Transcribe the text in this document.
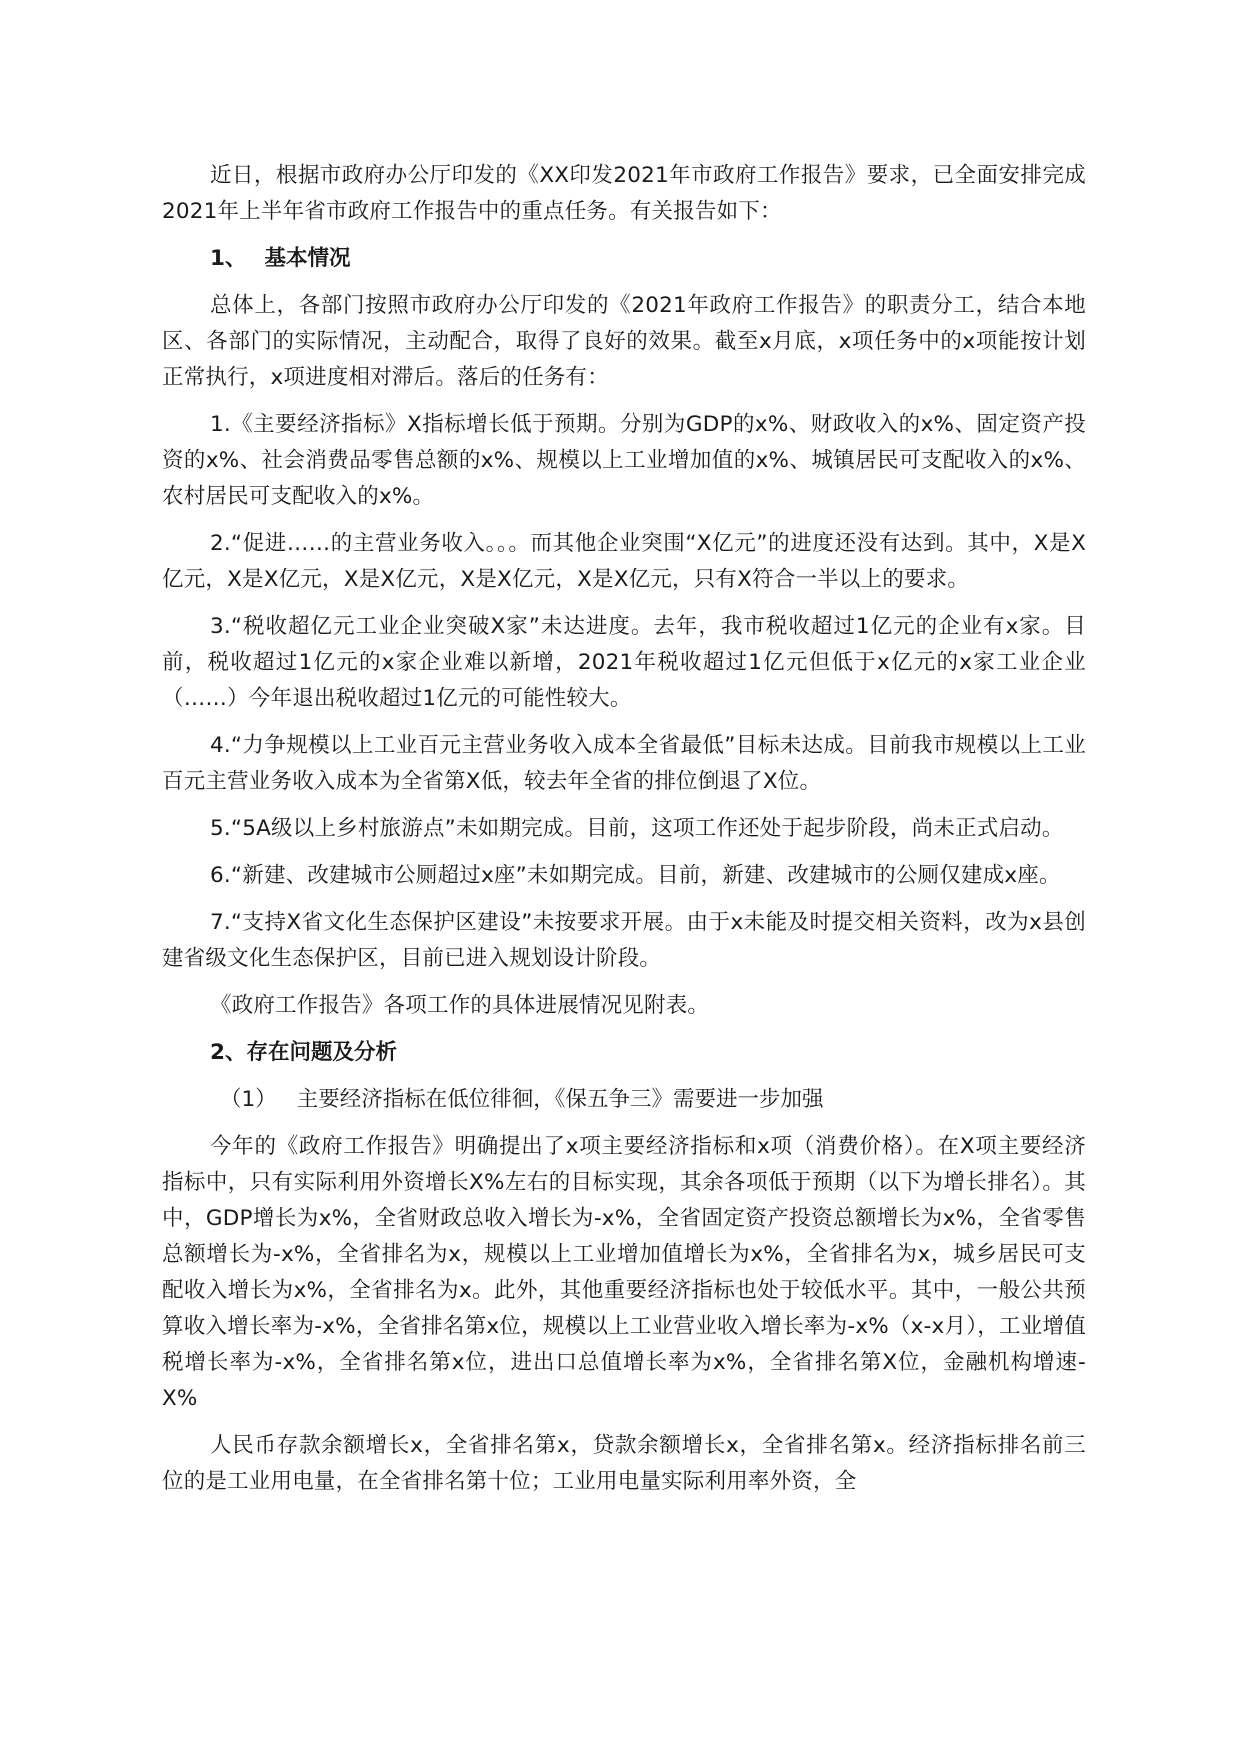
近日，根据市政府办公厅印发的《XX印发2021年市政府工作报告》要求，已全面安排完成2021年上半年省市政府工作报告中的重点任务。有关报告如下：

1、 基本情况

总体上，各部门按照市政府办公厅印发的《2021年政府工作报告》的职责分工，结合本地区、各部门的实际情况，主动配合，取得了良好的效果。截至x月底，x项任务中的x项能按计划正常执行，x项进度相对滞后。落后的任务有：

1.《主要经济指标》X指标增长低于预期。分别为GDP的x%、财政收入的x%、固定资产投资的x%、社会消费品零售总额的x%、规模以上工业增加值的x%、城镇居民可支配收入的x%、农村居民可支配收入的x%。

2.“促进……的主营业务收入。。。而其他企业突围“X亿元”的进度还没有达到。其中，X是X亿元，X是X亿元，X是X亿元，X是X亿元，X是X亿元，只有X符合一半以上的要求。

3.“税收超亿元工业企业突破X家”未达进度。去年，我市税收超过1亿元的企业有x家。目前，税收超过1亿元的x家企业难以新增，2021年税收超过1亿元但低于x亿元的x家工业企业（……）今年退出税收超过1亿元的可能性较大。

4.“力争规模以上工业百元主营业务收入成本全省最低”目标未达成。目前我市规模以上工业百元主营业务收入成本为全省第X低，较去年全省的排位倒退了X位。

5.“5A级以上乡村旅游点”未如期完成。目前，这项工作还处于起步阶段，尚未正式启动。

6.“新建、改建城市公厕超过x座”未如期完成。目前，新建、改建城市的公厕仅建成x座。

7.“支持X省文化生态保护区建设”未按要求开展。由于x未能及时提交相关资料，改为x县创建省级文化生态保护区，目前已进入规划设计阶段。

《政府工作报告》各项工作的具体进展情况见附表。

2、存在问题及分析

（1） 主要经济指标在低位徘徊，《保五争三》需要进一步加强

今年的《政府工作报告》明确提出了x项主要经济指标和x项（消费价格）。在X项主要经济指标中，只有实际利用外资增长X%左右的目标实现，其余各项低于预期（以下为增长排名）。其中，GDP增长为x%，全省财政总收入增长为-x%，全省固定资产投资总额增长为x%，全省零售总额增长为-x%，全省排名为x，规模以上工业增加值增长为x%，全省排名为x，城乡居民可支配收入增长为x%，全省排名为x。此外，其他重要经济指标也处于较低水平。其中，一般公共预算收入增长率为-x%，全省排名第x位，规模以上工业营业收入增长率为-x%（x-x月），工业增值税增长率为-x%，全省排名第x位，进出口总值增长率为x%，全省排名第X位，金融机构增速-X%

人民币存款余额增长x，全省排名第x，贷款余额增长x，全省排名第x。经济指标排名前三位的是工业用电量，在全省排名第十位；工业用电量实际利用率外资，全
